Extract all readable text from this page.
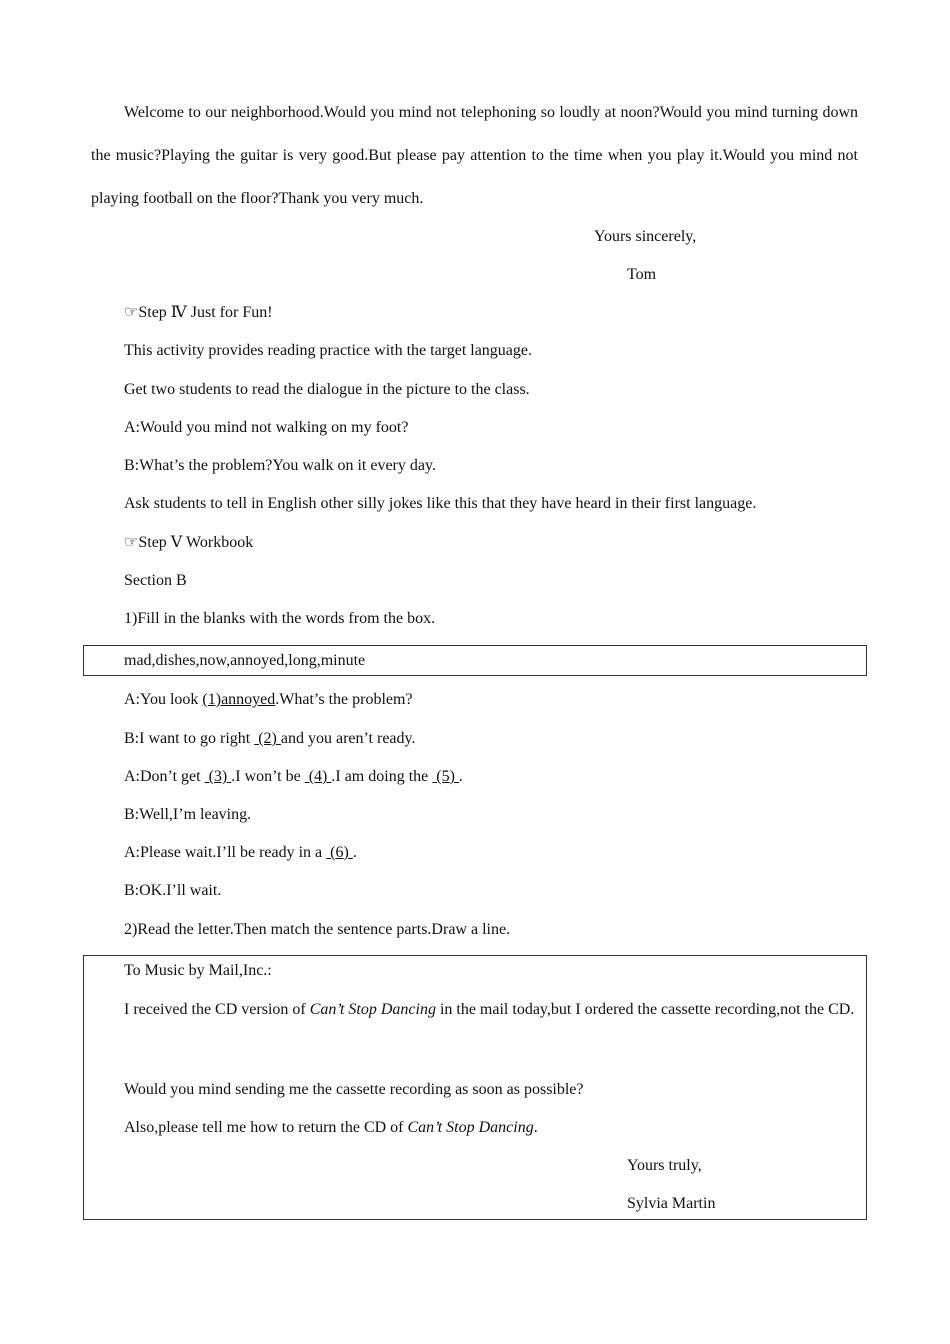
Welcome to our neighborhood.Would you mind not telephoning so loudly at noon?Would you mind turning down the music?Playing the guitar is very good.But please pay attention to the time when you play it.Would you mind not playing football on the floor?Thank you very much.
Yours sincerely,
Tom
☞Step Ⅳ Just for Fun!
This activity provides reading practice with the target language.
Get two students to read the dialogue in the picture to the class.
A:Would you mind not walking on my foot?
B:What’s the problem?You walk on it every day.
Ask students to tell in English other silly jokes like this that they have heard in their first language.
☞Step Ⅴ Workbook
Section B
1)Fill in the blanks with the words from the box.
mad,dishes,now,annoyed,long,minute
A:You look (1)annoyed.What’s the problem?
B:I want to go right  (2) and you aren’t ready.
A:Don’t get  (3) .I won’t be  (4) .I am doing the  (5) .
B:Well,I’m leaving.
A:Please wait.I’ll be ready in a  (6) .
B:OK.I’ll wait.
2)Read the letter.Then match the sentence parts.Draw a line.
To Music by Mail,Inc.:
I received the CD version of Can’t Stop Dancing in the mail today,but I ordered the cassette recording,not the CD.
Would you mind sending me the cassette recording as soon as possible?
Also,please tell me how to return the CD of Can’t Stop Dancing.
Yours truly,
Sylvia Martin
